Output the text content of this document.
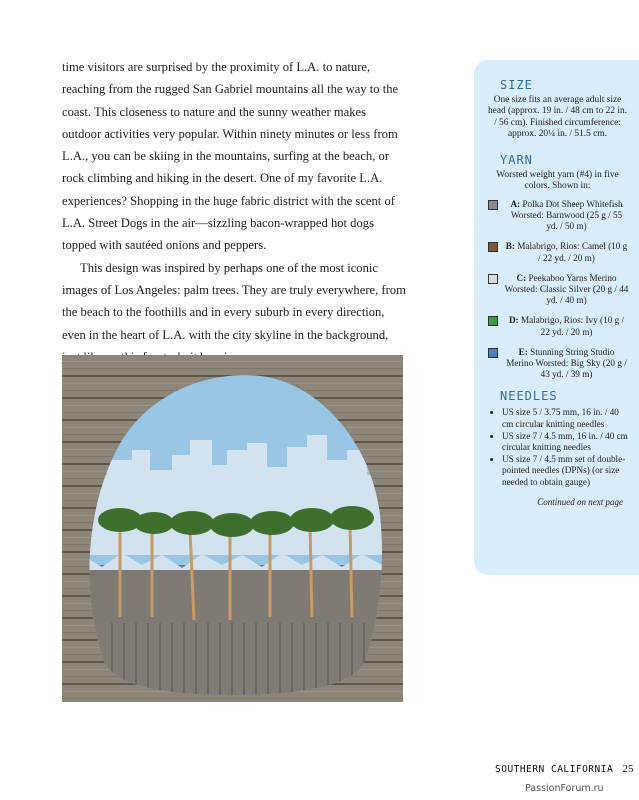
time visitors are surprised by the proximity of L.A. to nature, reaching from the rugged San Gabriel mountains all the way to the coast. This closeness to nature and the sunny weather makes outdoor activities very popular. Within ninety minutes or less from L.A., you can be skiing in the mountains, surfing at the beach, or rock climbing and hiking in the desert. One of my favorite L.A. experiences? Shopping in the huge fabric district with the scent of L.A. Street Dogs in the air—sizzling bacon-wrapped hot dogs topped with sautéed onions and peppers.

This design was inspired by perhaps one of the most iconic images of Los Angeles: palm trees. They are truly everywhere, from the beach to the foothills and in every suburb in every direction, even in the heart of L.A. with the city skyline in the background,

SIZE
One size fits an average adult size head (approx. 19 in. / 48 cm to 22 in. / 56 cm). Finished circumference: approx. 20¼ in. / 51.5 cm.
YARN
Worsted weight yarn (#4) in five colors. Shown in:
A: Polka Dot Sheep Whitefish Worsted: Barnwood (25 g / 55 yd. / 50 m)
B: Malabrigo, Rios: Camel (10 g / 22 yd. / 20 m)
C: Peekaboo Yarns Merino Worsted: Classic Silver (20 g / 44 yd. / 40 m)
D: Malabrigo, Rios: Ivy (10 g / 22 yd. / 20 m)
E: Stunning String Studio Merino Worsted: Big Sky (20 g / 43 yd. / 39 m)
NEEDLES
• US size 5 / 3.75 mm, 16 in. / 40 cm circular knitting needles
• US size 7 / 4.5 mm, 16 in. / 40 cm circular knitting needles
• US size 7 / 4.5 mm set of double-pointed needles (DPNs) (or size needed to obtain gauge)
Continued on next page
SOUTHERN CALIFORNIA 25
PassionForum.ru
